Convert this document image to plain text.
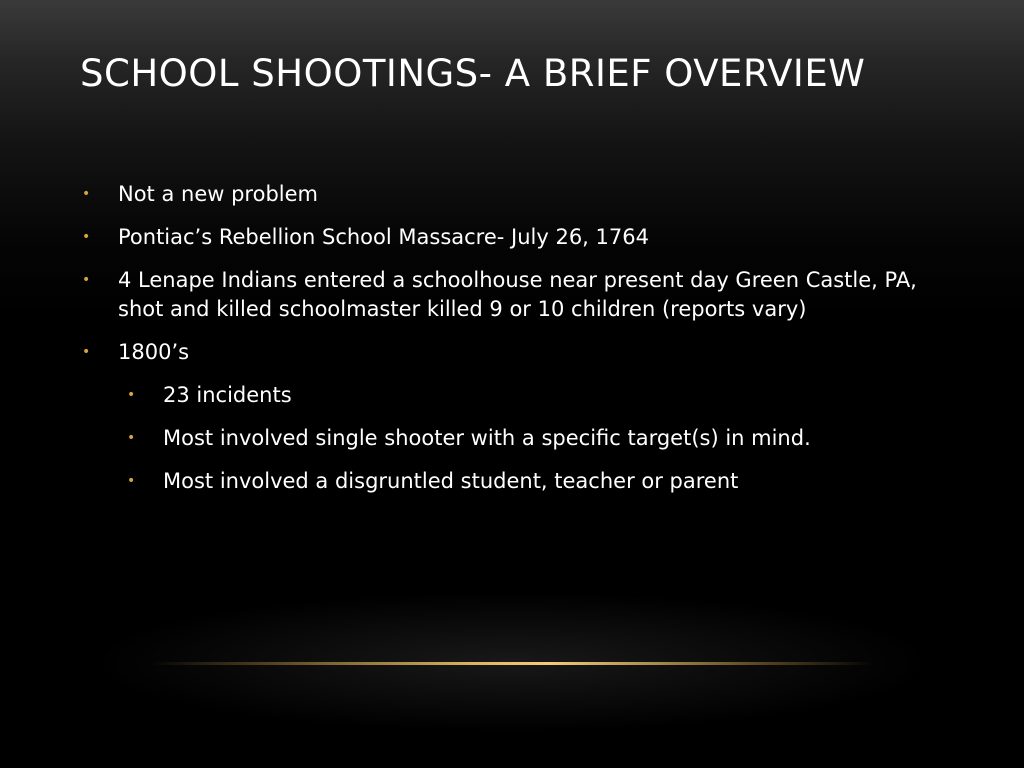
SCHOOL SHOOTINGS- A BRIEF OVERVIEW
• Not a new problem
• Pontiac’s Rebellion School Massacre- July 26, 1764
• 4 Lenape Indians entered a schoolhouse near present day Green Castle, PA, shot and killed schoolmaster killed 9 or 10 children (reports vary)
• 1800’s
• 23 incidents
• Most involved single shooter with a specific target(s) in mind.
• Most involved a disgruntled student, teacher or parent
